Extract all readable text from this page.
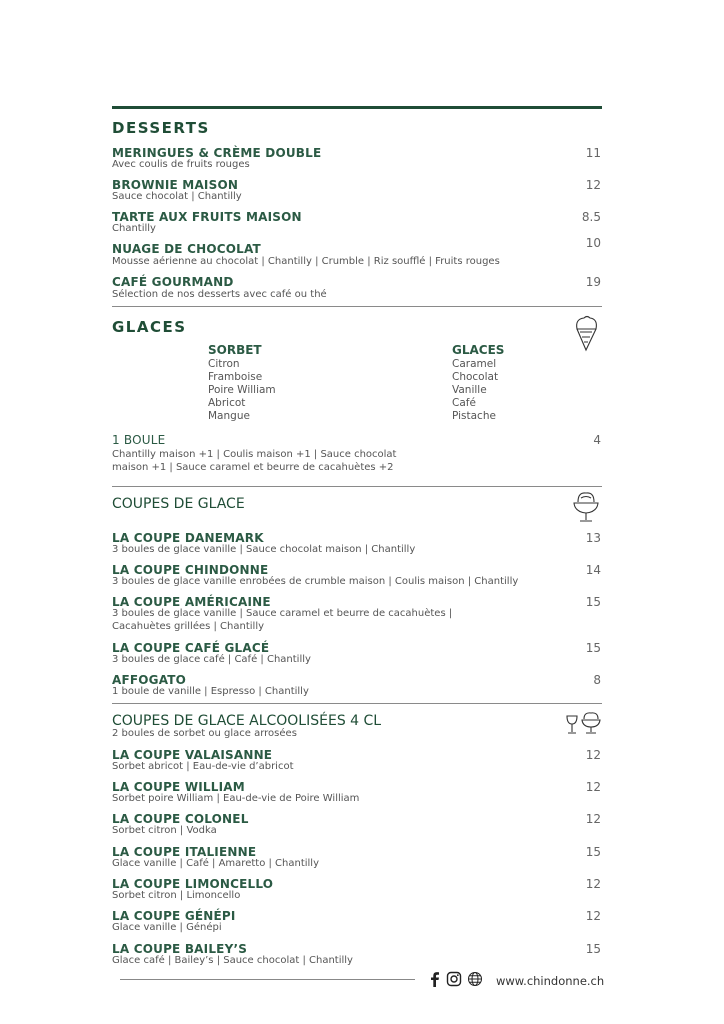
DESSERTS
MERINGUES & CRÈME DOUBLE
Avec coulis de fruits rouges
11
BROWNIE MAISON
Sauce chocolat | Chantilly
12
TARTE AUX FRUITS MAISON
Chantilly
8.5
NUAGE DE CHOCOLAT
Mousse aérienne au chocolat | Chantilly | Crumble | Riz soufflé | Fruits rouges
10
CAFÉ GOURMAND
Sélection de nos desserts avec café ou thé
19
GLACES
SORBET
Citron
Framboise
Poire William
Abricot
Mangue
GLACES
Caramel
Chocolat
Vanille
Café
Pistache
1 BOULE
Chantilly maison +1 | Coulis maison +1 | Sauce chocolat
maison +1 | Sauce caramel et beurre de cacahuètes +2
4
COUPES DE GLACE
LA COUPE DANEMARK
3 boules de glace vanille | Sauce chocolat maison | Chantilly
13
LA COUPE CHINDONNE
3 boules de glace vanille enrobées de crumble maison | Coulis maison | Chantilly
14
LA COUPE AMÉRICAINE
3 boules de glace vanille | Sauce caramel et beurre de cacahuètes |
Cacahuètes grillées | Chantilly
15
LA COUPE CAFÉ GLACÉ
3 boules de glace café | Café | Chantilly
15
AFFOGATO
1 boule de vanille | Espresso | Chantilly
8
COUPES DE GLACE ALCOOLISÉES 4 CL
2 boules de sorbet ou glace arrosées
LA COUPE VALAISANNE
Sorbet abricot | Eau-de-vie d’abricot
12
LA COUPE WILLIAM
Sorbet poire William | Eau-de-vie de Poire William
12
LA COUPE COLONEL
Sorbet citron | Vodka
12
LA COUPE ITALIENNE
Glace vanille | Café | Amaretto | Chantilly
15
LA COUPE LIMONCELLO
Sorbet citron | Limoncello
12
LA COUPE GÉNÉPI
Glace vanille | Génépi
12
LA COUPE BAILEY’S
Glace café | Bailey’s | Sauce chocolat | Chantilly
15
www.chindonne.ch
